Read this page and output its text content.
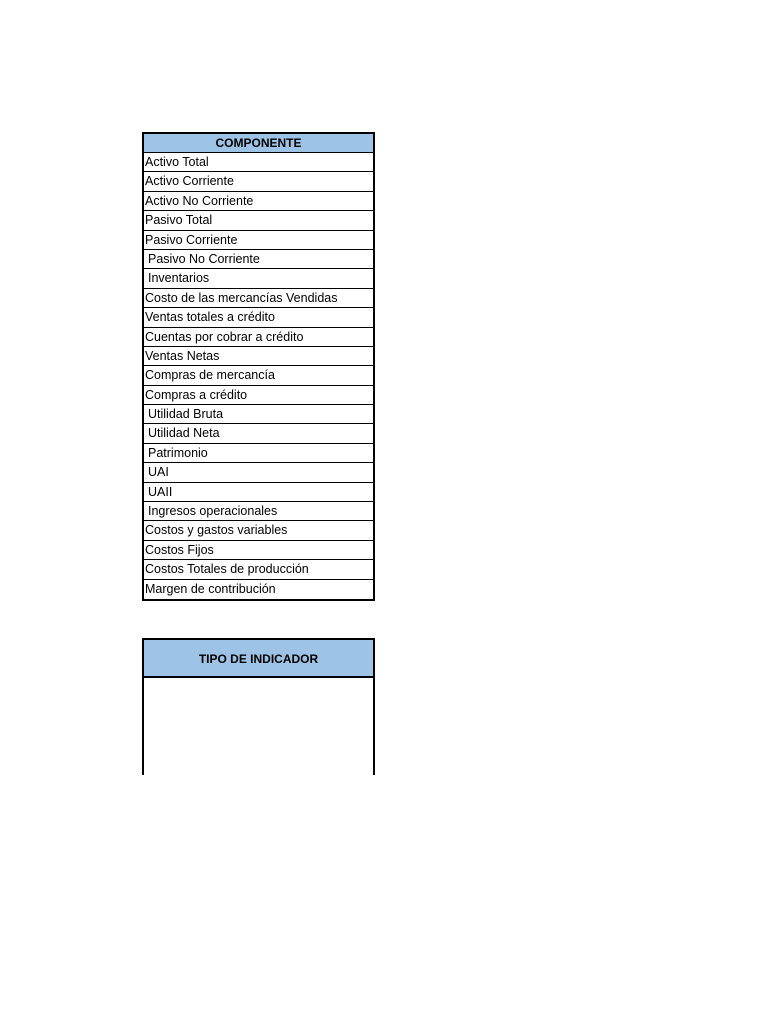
COMPONENTE
Activo Total
Activo Corriente
Activo No Corriente
Pasivo Total
Pasivo Corriente
Pasivo No Corriente
Inventarios
Costo de las mercancías Vendidas
Ventas totales a crédito
Cuentas por cobrar a crédito
Ventas Netas
Compras de mercancía
Compras a crédito
Utilidad Bruta
Utilidad Neta
Patrimonio
UAI
UAII
Ingresos operacionales
Costos y gastos variables
Costos Fijos
Costos Totales de producción
Margen de contribución
TIPO DE INDICADOR
